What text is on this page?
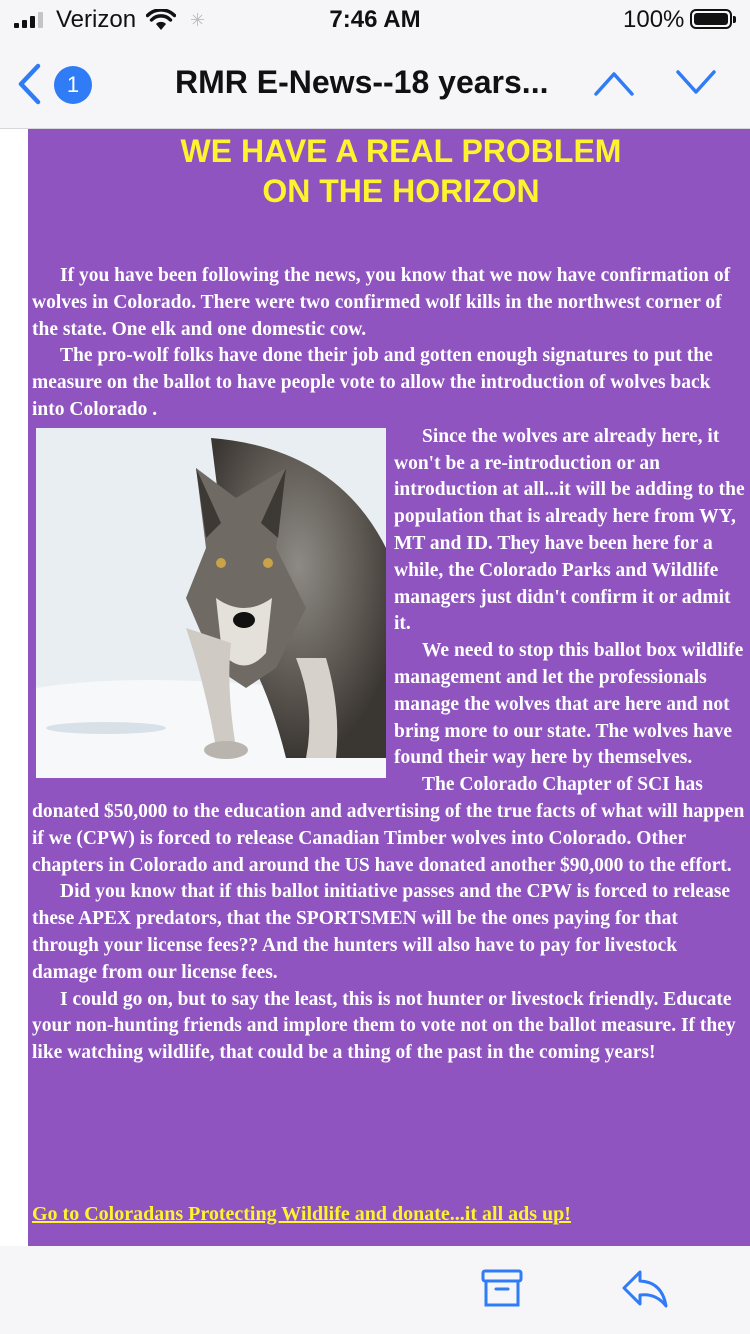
Verizon	✳	7:46 AM	100%
1	RMR E-News--18 years...
WE HAVE A REAL PROBLEM
ON THE HORIZON

If you have been following the news, you know that we now have confirmation of wolves in Colorado. There were two confirmed wolf kills in the northwest corner of the state. One elk and one domestic cow.

The pro-wolf folks have done their job and gotten enough signatures to put the measure on the ballot to have people vote to allow the introduction of wolves back into Colorado .

Since the wolves are already here, it won't be a re-introduction or an introduction at all...it will be adding to the population that is already here from WY, MT and ID. They have been here for a while, the Colorado Parks and Wildlife managers just didn't confirm it or admit it.

We need to stop this ballot box wildlife management and let the professionals manage the wolves that are here and not bring more to our state. The wolves have found their way here by themselves.

The Colorado Chapter of SCI has donated $50,000 to the education and advertising of the true facts of what will happen if we (CPW) is forced to release Canadian Timber wolves into Colorado. Other chapters in Colorado and around the US have donated another $90,000 to the effort.

Did you know that if this ballot initiative passes and the CPW is forced to release these APEX predators, that the SPORTSMEN will be the ones paying for that through your license fees?? And the hunters will also have to pay for livestock damage from our license fees.

I could go on, but to say the least, this is not hunter or livestock friendly. Educate your non-hunting friends and implore them to vote not on the ballot measure. If they like watching wildlife, that could be a thing of the past in the coming years!

Go to Coloradans Protecting Wildlife and donate...it all ads up!
